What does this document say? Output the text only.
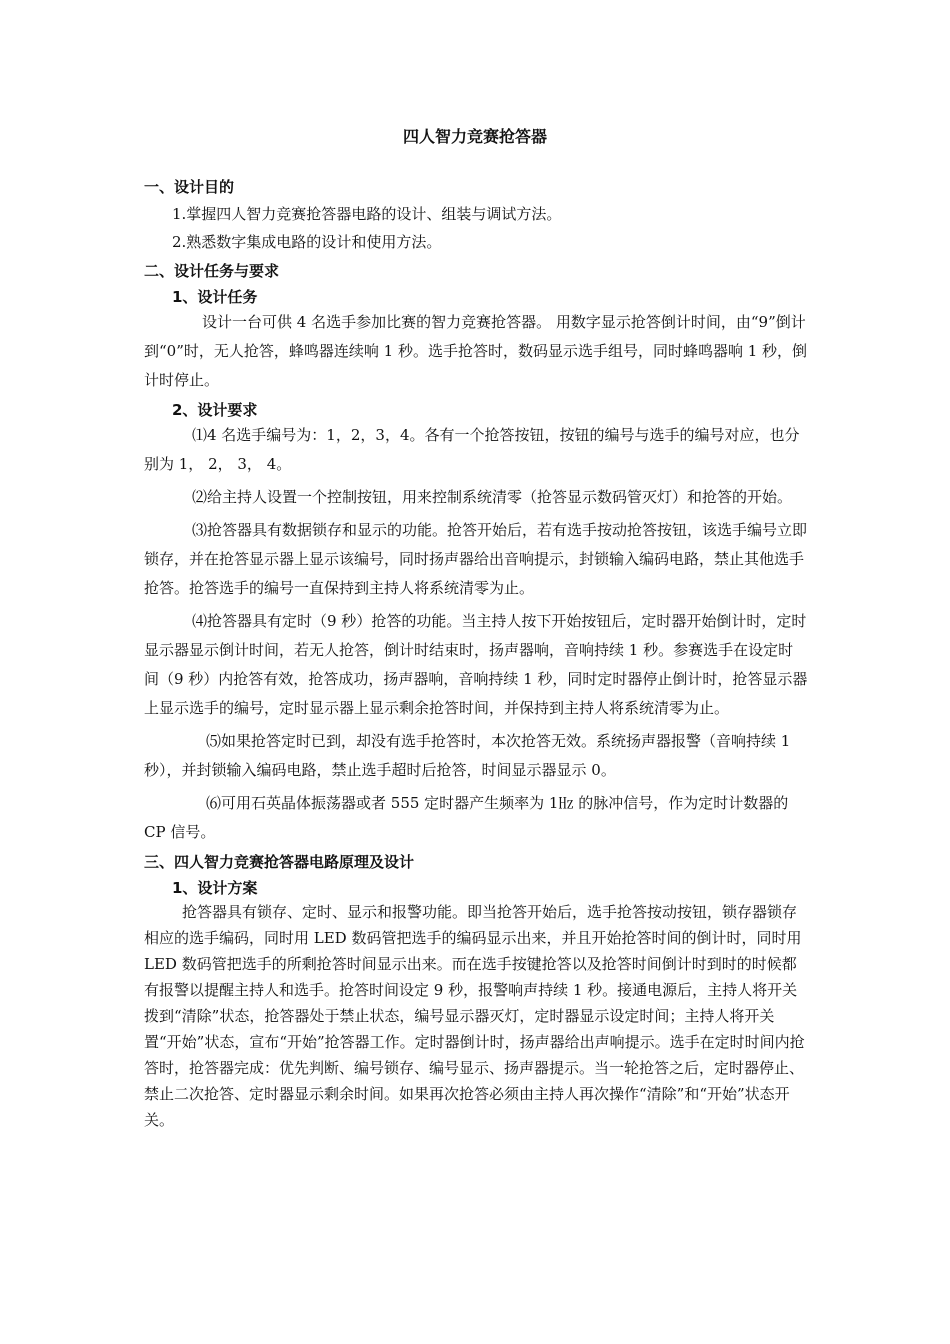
四人智力竞赛抢答器
一、设计目的
1.掌握四人智力竞赛抢答器电路的设计、组装与调试方法。
2.熟悉数字集成电路的设计和使用方法。
二、设计任务与要求
1、设计任务
设计一台可供 4 名选手参加比赛的智力竞赛抢答器。 用数字显示抢答倒计时间，由“9”倒计到“0”时，无人抢答，蜂鸣器连续响 1 秒。选手抢答时，数码显示选手组号，同时蜂鸣器响 1 秒，倒计时停止。
2、设计要求
⑴4 名选手编号为：1，2，3，4。各有一个抢答按钮，按钮的编号与选手的编号对应，也分别为 1， 2， 3， 4。
⑵给主持人设置一个控制按钮，用来控制系统清零（抢答显示数码管灭灯）和抢答的开始。
⑶抢答器具有数据锁存和显示的功能。抢答开始后，若有选手按动抢答按钮，该选手编号立即锁存，并在抢答显示器上显示该编号，同时扬声器给出音响提示，封锁输入编码电路，禁止其他选手抢答。抢答选手的编号一直保持到主持人将系统清零为止。
⑷抢答器具有定时（9 秒）抢答的功能。当主持人按下开始按钮后，定时器开始倒计时，定时显示器显示倒计时间，若无人抢答，倒计时结束时，扬声器响，音响持续 1 秒。参赛选手在设定时间（9 秒）内抢答有效，抢答成功，扬声器响，音响持续 1 秒，同时定时器停止倒计时，抢答显示器上显示选手的编号，定时显示器上显示剩余抢答时间，并保持到主持人将系统清零为止。
⑸如果抢答定时已到，却没有选手抢答时，本次抢答无效。系统扬声器报警（音响持续 1 秒），并封锁输入编码电路，禁止选手超时后抢答，时间显示器显示 0。
⑹可用石英晶体振荡器或者 555 定时器产生频率为 1㎐ 的脉冲信号，作为定时计数器的 CP 信号。
三、四人智力竞赛抢答器电路原理及设计
1、设计方案
抢答器具有锁存、定时、显示和报警功能。即当抢答开始后，选手抢答按动按钮，锁存器锁存相应的选手编码，同时用 LED 数码管把选手的编码显示出来，并且开始抢答时间的倒计时，同时用 LED 数码管把选手的所剩抢答时间显示出来。而在选手按键抢答以及抢答时间倒计时到时的时候都有报警以提醒主持人和选手。抢答时间设定 9 秒，报警响声持续 1 秒。接通电源后，主持人将开关拨到“清除”状态，抢答器处于禁止状态，编号显示器灭灯，定时器显示设定时间；主持人将开关置“开始”状态，宣布“开始”抢答器工作。定时器倒计时，扬声器给出声响提示。选手在定时时间内抢答时，抢答器完成：优先判断、编号锁存、编号显示、扬声器提示。当一轮抢答之后，定时器停止、禁止二次抢答、定时器显示剩余时间。如果再次抢答必须由主持人再次操作“清除”和“开始”状态开关。
